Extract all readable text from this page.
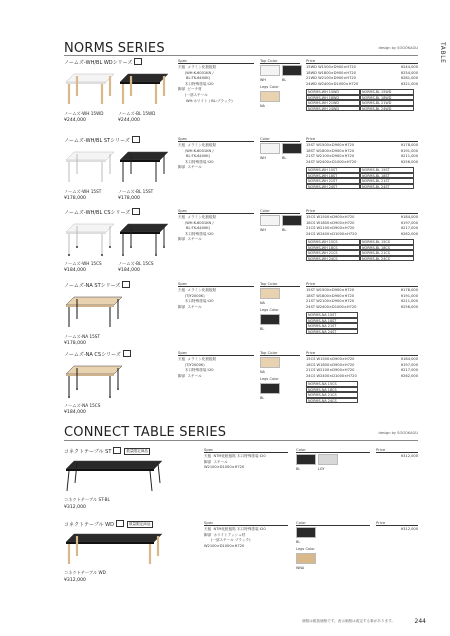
TABLE
NORMS SERIES	design by SOGOKAGU
ノームズ-WH/BL WDシリーズ
ノームズ-WH 15WD
¥244,000
ノームズ-BL 15WD
¥244,000
Spec
天板  メラミン化粧板貼
(WH:K-6001KN /
BL:TK-6400K)
木口特殊塗装 t20
脚部  ビーチ材
(一部スチール
WH:ホワイト / BL:ブラック)
Top Color
WH	BL
Legs Color
NA
Price
15WD W1500×D900×H720	¥244,000
18WD W1800×D900×H720	¥254,000
21WD W2100×D900×H720	¥281,000
24WD W2400×D1000×H720	¥321,000
NORMS-WH 15WD	NORMS-BL 15WD
NORMS-WH 18WD	NORMS-BL 18WD
NORMS-WH 21WD	NORMS-BL 21WD
NORMS-WH 24WD	NORMS-BL 24WD
ノームズ-WH/BL STシリーズ
ノームズ-WH 15ST
¥178,000
ノームズ-BL 15ST
¥178,000
Spec
天板  メラミン化粧板貼
(WH:K-6001KN /
BL:TK-6400K)
木口特殊塗装 t20
脚部  スチール
Color
WH	BL
Price
15ST W1500×D900×H720	¥178,000
18ST W1800×D900×H720	¥191,000
21ST W2100×D900×H720	¥211,000
24ST W2400×D1000×H720	¥256,000
NORMS-WH 15ST	NORMS-BL 15ST
NORMS-WH 18ST	NORMS-BL 18ST
NORMS-WH 21ST	NORMS-BL 21ST
NORMS-WH 24ST	NORMS-BL 24ST
ノームズ-WH/BL CSシリーズ
ノームズ-WH 15CS
¥184,000
ノームズ-BL 15CS
¥184,000
Spec
天板  メラミン化粧板貼
(WH:K-6001KN /
BL:TK-6400K)
木口特殊塗装 t20
脚部  スチール
Color
WH	BL
Price
15CS W1500×D900×H720	¥184,000
18CS W1800×D900×H720	¥197,000
21CS W2100×D900×H720	¥217,000
24CS W2400×D1000×H720	¥262,000
NORMS-WH 15CS	NORMS-BL 15CS
NORMS-WH 18CS	NORMS-BL 18CS
NORMS-WH 21CS	NORMS-BL 21CS
NORMS-WH 24CS	NORMS-BL 24CS
ノームズ-NA STシリーズ
ノームズ-NA 15ST
¥178,000
Spec
天板  メラミン化粧板貼
(TJY2000K)
木口特殊塗装 t20
脚部  スチール
Top Color
NA
Legs Color
BL
Price
15ST W1500×D900×H720	¥178,000
18ST W1800×D900×H720	¥191,000
21ST W2100×D900×H720	¥211,000
24ST W2400×D1000×H720	¥256,000
NORMS-NA 15ST
NORMS-NA 18ST
NORMS-NA 21ST
NORMS-NA 24ST
ノームズ-NA CSシリーズ
ノームズ-NA 15CS
¥184,000
Spec
天板  メラミン化粧板貼
(TJY2000K)
木口特殊塗装 t20
脚部  スチール
Top Color
NA
Legs Color
BL
Price
15CS W1500×D900×H720	¥184,000
18CS W1800×D900×H720	¥197,000
21CS W2100×D900×H720	¥217,000
24CS W2400×D1000×H720	¥262,000
NORMS-NA 15CS
NORMS-NA 18CS
NORMS-NA 21CS
NORMS-NA 24CS
CONNECT TABLE SERIES	design by SOGOKAGU
コネクトテーブル ST	数量限定商品
コネクトテーブル ST-BL
¥312,000
Spec
天板  NTM化粧板貼 木口特殊塗装 t20
脚部  スチール
W2100×D1000×H720
Color
BL	LGY
Price
¥312,000
コネクトテーブル WD	数量限定商品
コネクトテーブル WD
¥312,000
Spec
天板  NTM化粧板貼 木口特殊塗装 t20
脚部  ホワイトアッシュ材
(一部スチール ブラック)
W2100×D1000×H720
Color
BL
Legs Color
WNA
Price
¥312,000
価格は税抜価格です。表示価格は改定する事があります。	244
